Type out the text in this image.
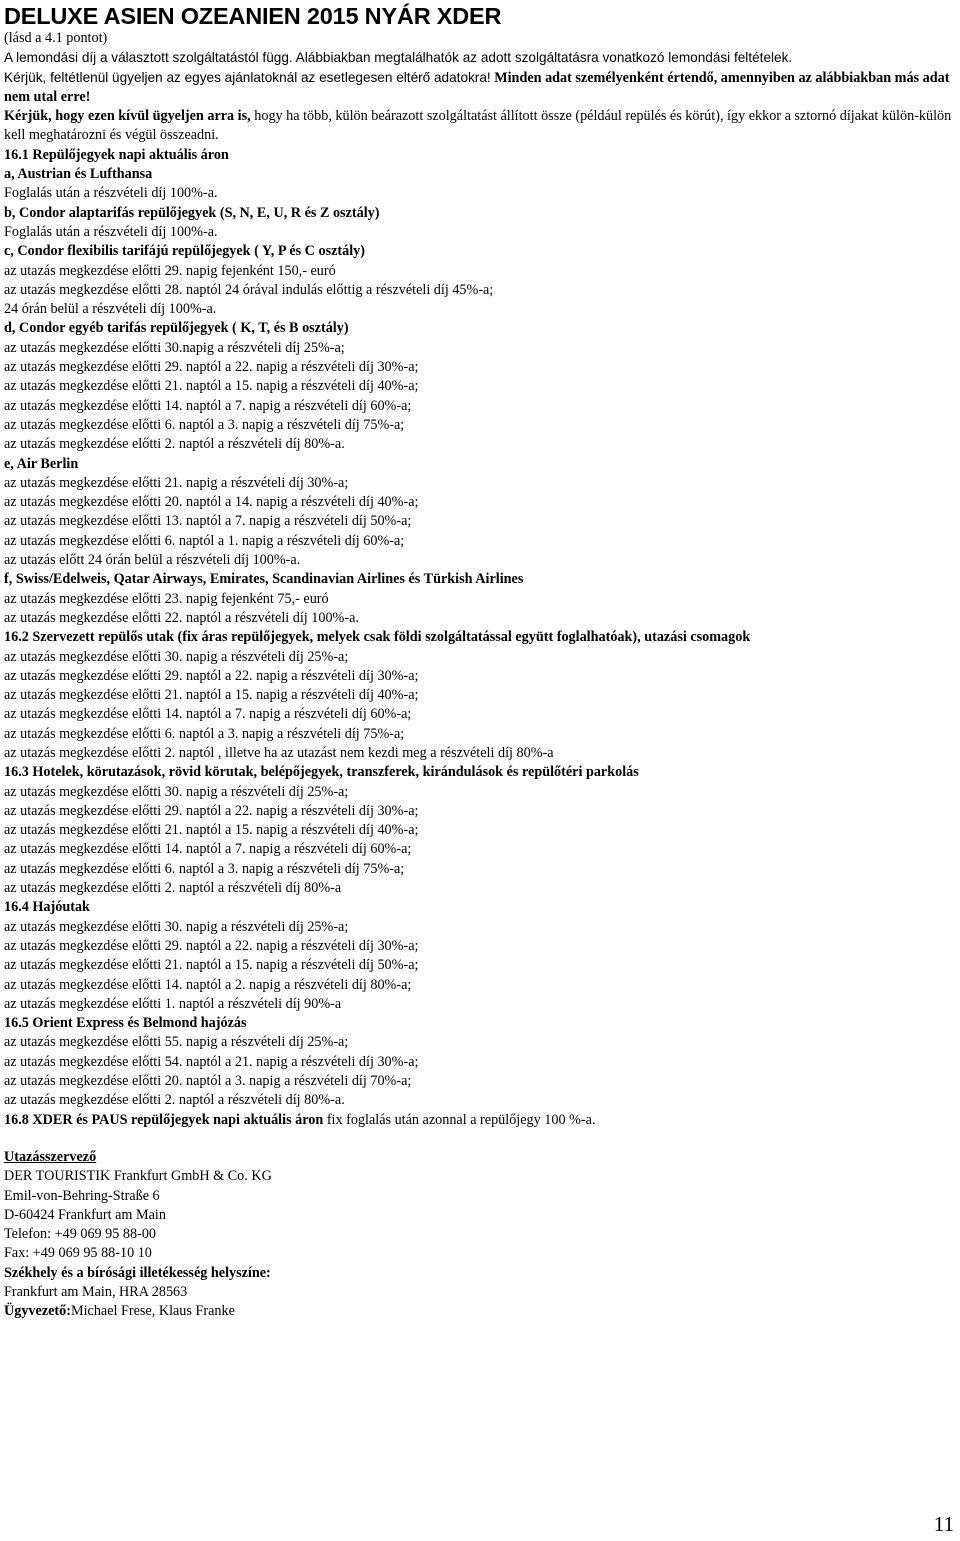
DELUXE ASIEN OZEANIEN 2015 NYÁR XDER

(lásd a 4.1 pontot)

A lemondási díj a választott szolgáltatástól függ. Alábbiakban megtalálhatók az adott szolgáltatásra vonatkozó lemondási feltételek.

Kérjük, feltétlenül ügyeljen az egyes ajánlatoknál az esetlegesen eltérő adatokra! Minden adat személyenként értendő, amennyiben az alábbiakban más adat nem utal erre!

Kérjük, hogy ezen kívül ügyeljen arra is, hogy ha több, külön beárazott szolgáltatást állított össze (például repülés és körút), így ekkor a sztornó díjakat külön-külön kell meghatározni és végül összeadni.

16.1 Repülőjegyek napi aktuális áron

a, Austrian és Lufthansa

Foglalás után a részvételi díj 100%-a.

b, Condor alaptarifás repülőjegyek (S, N, E, U, R és Z osztály)

Foglalás után a részvételi díj 100%-a.

c, Condor flexibilis tarifájú repülőjegyek ( Y, P és C osztály)

az utazás megkezdése előtti 29. napig fejenként 150,- euró

az utazás megkezdése előtti 28. naptól 24 órával indulás előttig a részvételi díj 45%-a;

24 órán belül a részvételi díj 100%-a.

d, Condor egyéb tarifás repülőjegyek ( K, T, és B osztály)

az utazás megkezdése előtti 30.napig a részvételi díj 25%-a;

az utazás megkezdése előtti 29. naptól a 22. napig a részvételi díj 30%-a;

az utazás megkezdése előtti 21. naptól a 15. napig a részvételi díj 40%-a;

az utazás megkezdése előtti 14. naptól a 7. napig a részvételi díj 60%-a;

az utazás megkezdése előtti 6. naptól a 3. napig a részvételi díj 75%-a;

az utazás megkezdése előtti 2. naptól a részvételi díj 80%-a.

e, Air Berlin

az utazás megkezdése előtti 21. napig a részvételi díj 30%-a;

az utazás megkezdése előtti 20. naptól a 14. napig a részvételi díj 40%-a;

az utazás megkezdése előtti 13. naptól a 7. napig a részvételi díj 50%-a;

az utazás megkezdése előtti 6. naptól a 1. napig a részvételi díj 60%-a;

az utazás előtt 24 órán belül a részvételi díj 100%-a.

f, Swiss/Edelweis, Qatar Airways, Emirates, Scandinavian Airlines és Türkish Airlines

az utazás megkezdése előtti 23. napig fejenként 75,- euró

az utazás megkezdése előtti 22. naptól a részvételi díj 100%-a.

16.2 Szervezett repülős utak (fix áras repülőjegyek, melyek csak földi szolgáltatással együtt foglalhatóak), utazási csomagok

az utazás megkezdése előtti 30. napig a részvételi díj 25%-a;

az utazás megkezdése előtti 29. naptól a 22. napig a részvételi díj 30%-a;

az utazás megkezdése előtti 21. naptól a 15. napig a részvételi díj 40%-a;

az utazás megkezdése előtti 14. naptól a 7. napig a részvételi díj 60%-a;

az utazás megkezdése előtti 6. naptól a 3. napig a részvételi díj 75%-a;

az utazás megkezdése előtti 2. naptól , illetve ha az utazást nem kezdi meg a részvételi díj 80%-a

16.3 Hotelek, körutazások, rövid körutak, belépőjegyek, transzferek, kirándulások és repülőtéri parkolás

az utazás megkezdése előtti 30. napig a részvételi díj 25%-a;

az utazás megkezdése előtti 29. naptól a 22. napig a részvételi díj 30%-a;

az utazás megkezdése előtti 21. naptól a 15. napig a részvételi díj 40%-a;

az utazás megkezdése előtti 14. naptól a 7. napig a részvételi díj 60%-a;

az utazás megkezdése előtti 6. naptól a 3. napig a részvételi díj 75%-a;

az utazás megkezdése előtti 2. naptól a részvételi díj 80%-a

16.4 Hajóutak

az utazás megkezdése előtti 30. napig a részvételi díj 25%-a;

az utazás megkezdése előtti 29. naptól a 22. napig a részvételi díj 30%-a;

az utazás megkezdése előtti 21. naptól a 15. napig a részvételi díj 50%-a;

az utazás megkezdése előtti 14. naptól a 2. napig a részvételi díj 80%-a;

az utazás megkezdése előtti 1. naptól a részvételi díj 90%-a

16.5 Orient Express és Belmond hajózás

az utazás megkezdése előtti 55. napig a részvételi díj 25%-a;

az utazás megkezdése előtti 54. naptól a 21. napig a részvételi díj 30%-a;

az utazás megkezdése előtti 20. naptól a 3. napig a részvételi díj 70%-a;

az utazás megkezdése előtti 2. naptól a részvételi díj 80%-a.

16.8 XDER és PAUS repülőjegyek napi aktuális áron fix foglalás után azonnal a repülőjegy 100 %-a.

Utazásszervező

DER TOURISTIK Frankfurt GmbH & Co. KG

Emil-von-Behring-Straße 6

D-60424 Frankfurt am Main

Telefon: +49 069 95 88-00

Fax: +49 069 95 88-10 10

Székhely és a bírósági illetékesség helyszíne:

Frankfurt am Main, HRA 28563

Ügyvezető:Michael Frese, Klaus Franke

11
